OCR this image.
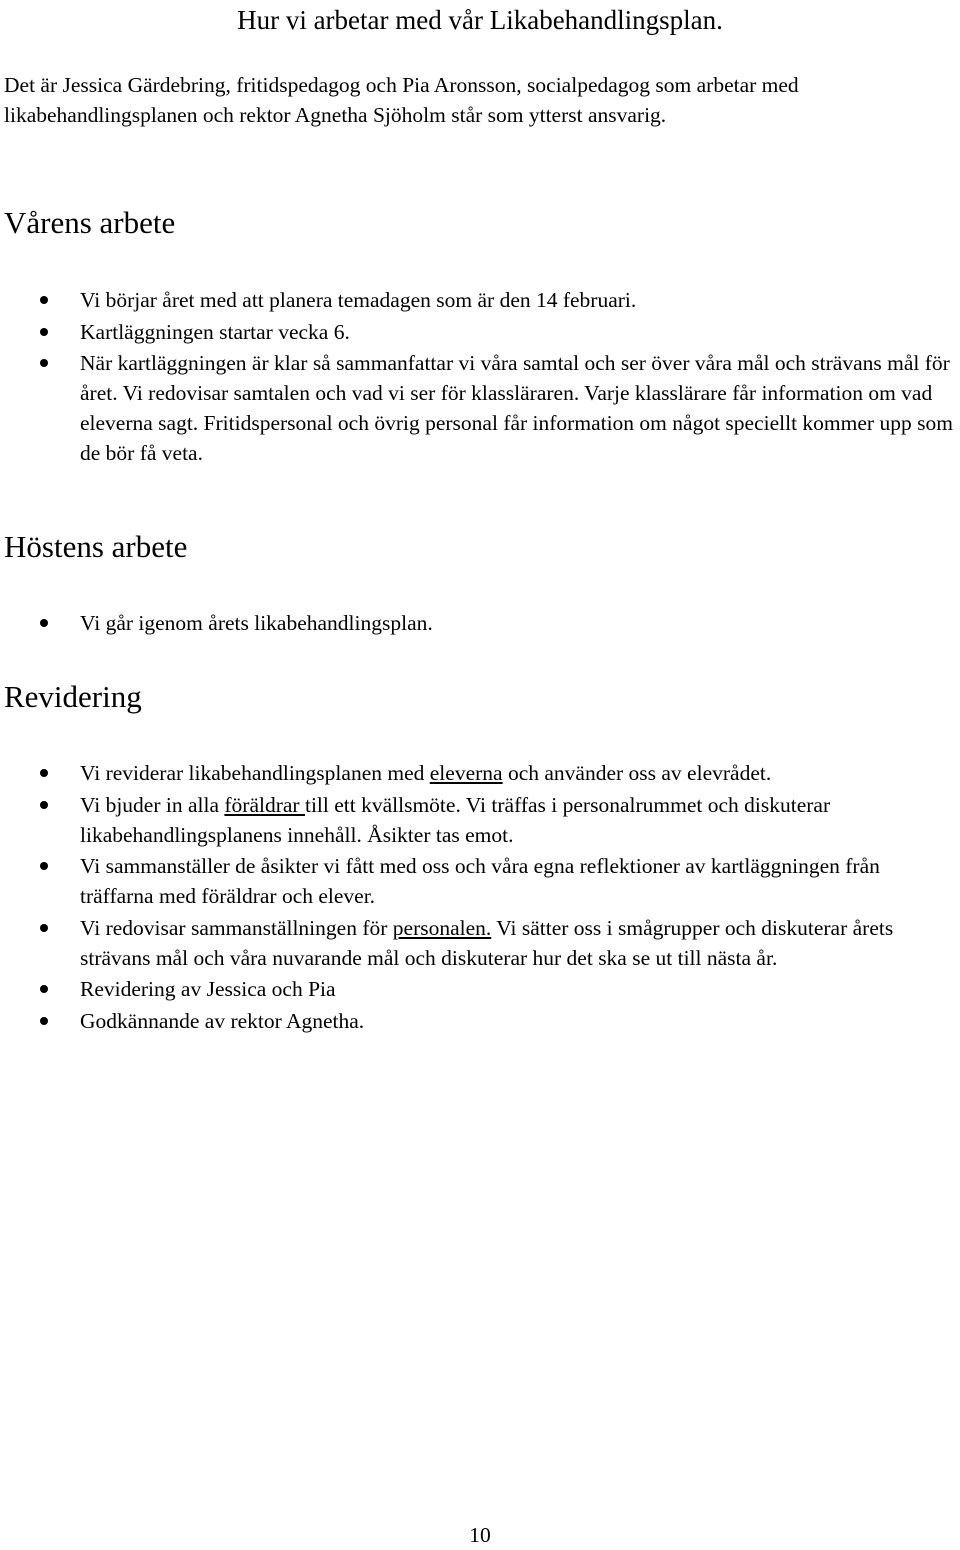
Hur vi arbetar med vår Likabehandlingsplan.

Det är Jessica Gärdebring, fritidspedagog och Pia Aronsson, socialpedagog som arbetar med likabehandlingsplanen och rektor Agnetha Sjöholm står som ytterst ansvarig.

Vårens arbete
Vi börjar året med att planera temadagen som är den 14 februari.
Kartläggningen startar vecka 6.
När kartläggningen är klar så sammanfattar vi våra samtal och ser över våra mål och strävans mål för året. Vi redovisar samtalen och vad vi ser för klassläraren. Varje klasslärare får information om vad eleverna sagt. Fritidspersonal och övrig personal får information om något speciellt kommer upp som de bör få veta.
Höstens arbete
Vi går igenom årets likabehandlingsplan.
Revidering
Vi reviderar likabehandlingsplanen med eleverna och använder oss av elevrådet.
Vi bjuder in alla föräldrar till ett kvällsmöte. Vi träffas i personalrummet och diskuterar likabehandlingsplanens innehåll. Åsikter tas emot.
Vi sammanställer de åsikter vi fått med oss och våra egna reflektioner av kartläggningen från träffarna med föräldrar och elever.
Vi redovisar sammanställningen för personalen. Vi sätter oss i smågrupper och diskuterar årets strävans mål och våra nuvarande mål och diskuterar hur det ska se ut till nästa år.
Revidering av Jessica och Pia
Godkännande av rektor Agnetha.
10
